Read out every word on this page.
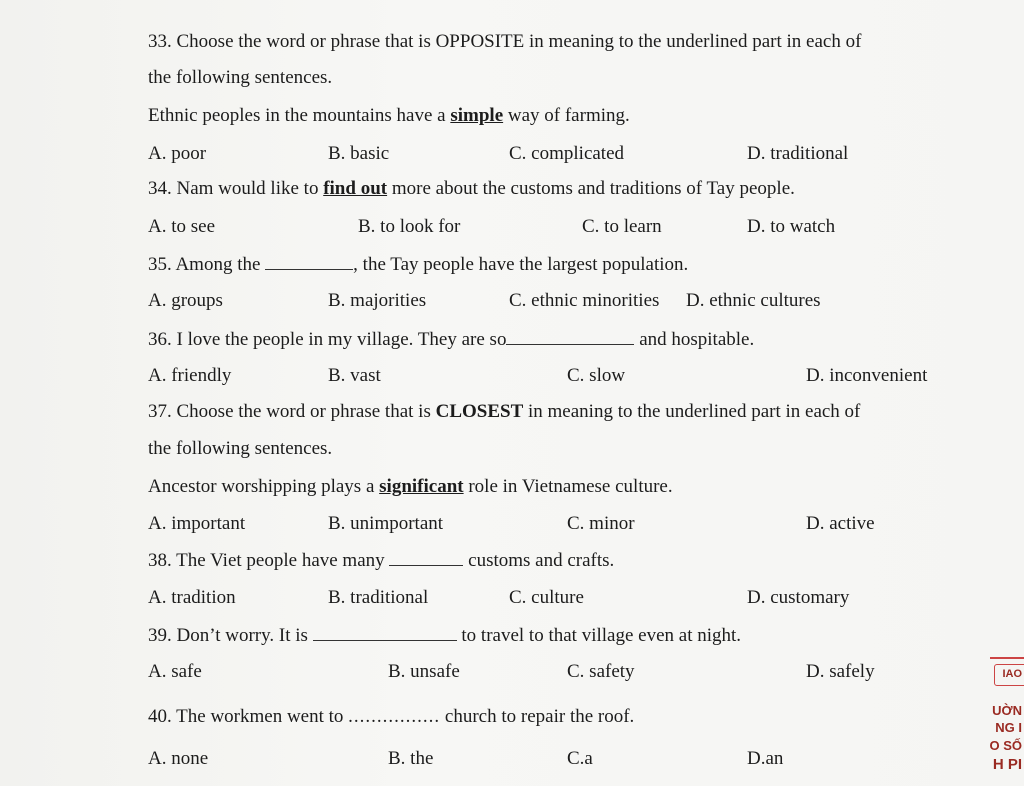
33. Choose the word or phrase that is OPPOSITE in meaning to the underlined part in each of
the following sentences.
Ethnic peoples in the mountains have a simple way of farming.
A. poor	B. basic	C. complicated	D. traditional
34. Nam would like to find out more about the customs and traditions of Tay people.
A. to see	B. to look for	C. to learn	D. to watch
35. Among the	, the Tay people have the largest population.
A. groups	B. majorities	C. ethnic minorities D. ethnic cultures
36. I love the people in my village. They are so	and hospitable.
A. friendly	B. vast	C. slow	D. inconvenient
37. Choose the word or phrase that is CLOSEST in meaning to the underlined part in each of
the following sentences.
Ancestor worshipping plays a significant role in Vietnamese culture.
A. important	B. unimportant	C. minor	D. active
38. The Viet people have many	customs and crafts.
A. tradition	B. traditional	C. culture	D. customary
39. Don’t worry. It is	to travel to that village even at night.
A. safe	B. unsafe	C. safety	D. safely
40. The workmen went to ................ church to repair the roof.
A. none	B. the	C.a	D.an
IAO
UỜN
NG I
O SỐ
H PI
